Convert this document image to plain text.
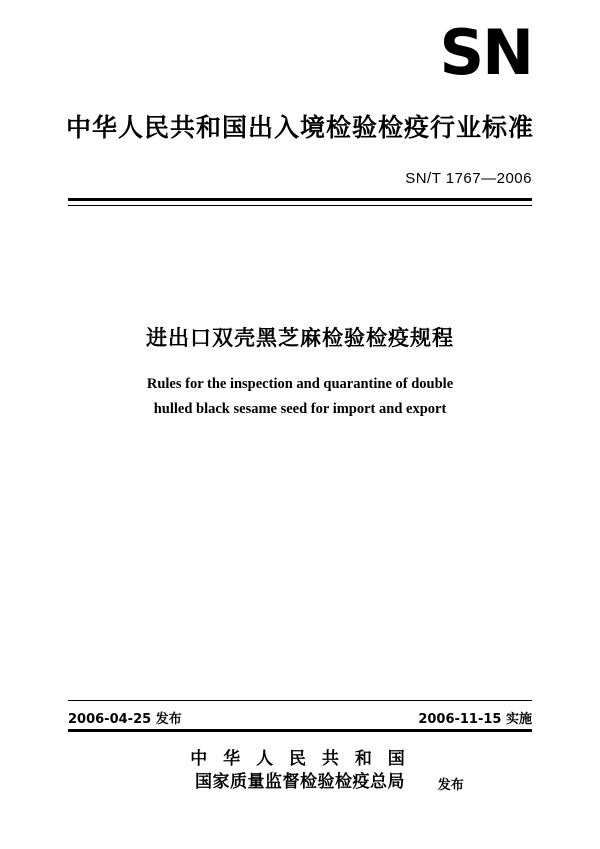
SN
中华人民共和国出入境检验检疫行业标准
SN/T 1767—2006
进出口双壳黑芝麻检验检疫规程
Rules for the inspection and quarantine of double
hulled black sesame seed for import and export
2006-04-25 发布	2006-11-15 实施
中 华 人 民 共 和 国
国家质量监督检验检疫总局	发布
